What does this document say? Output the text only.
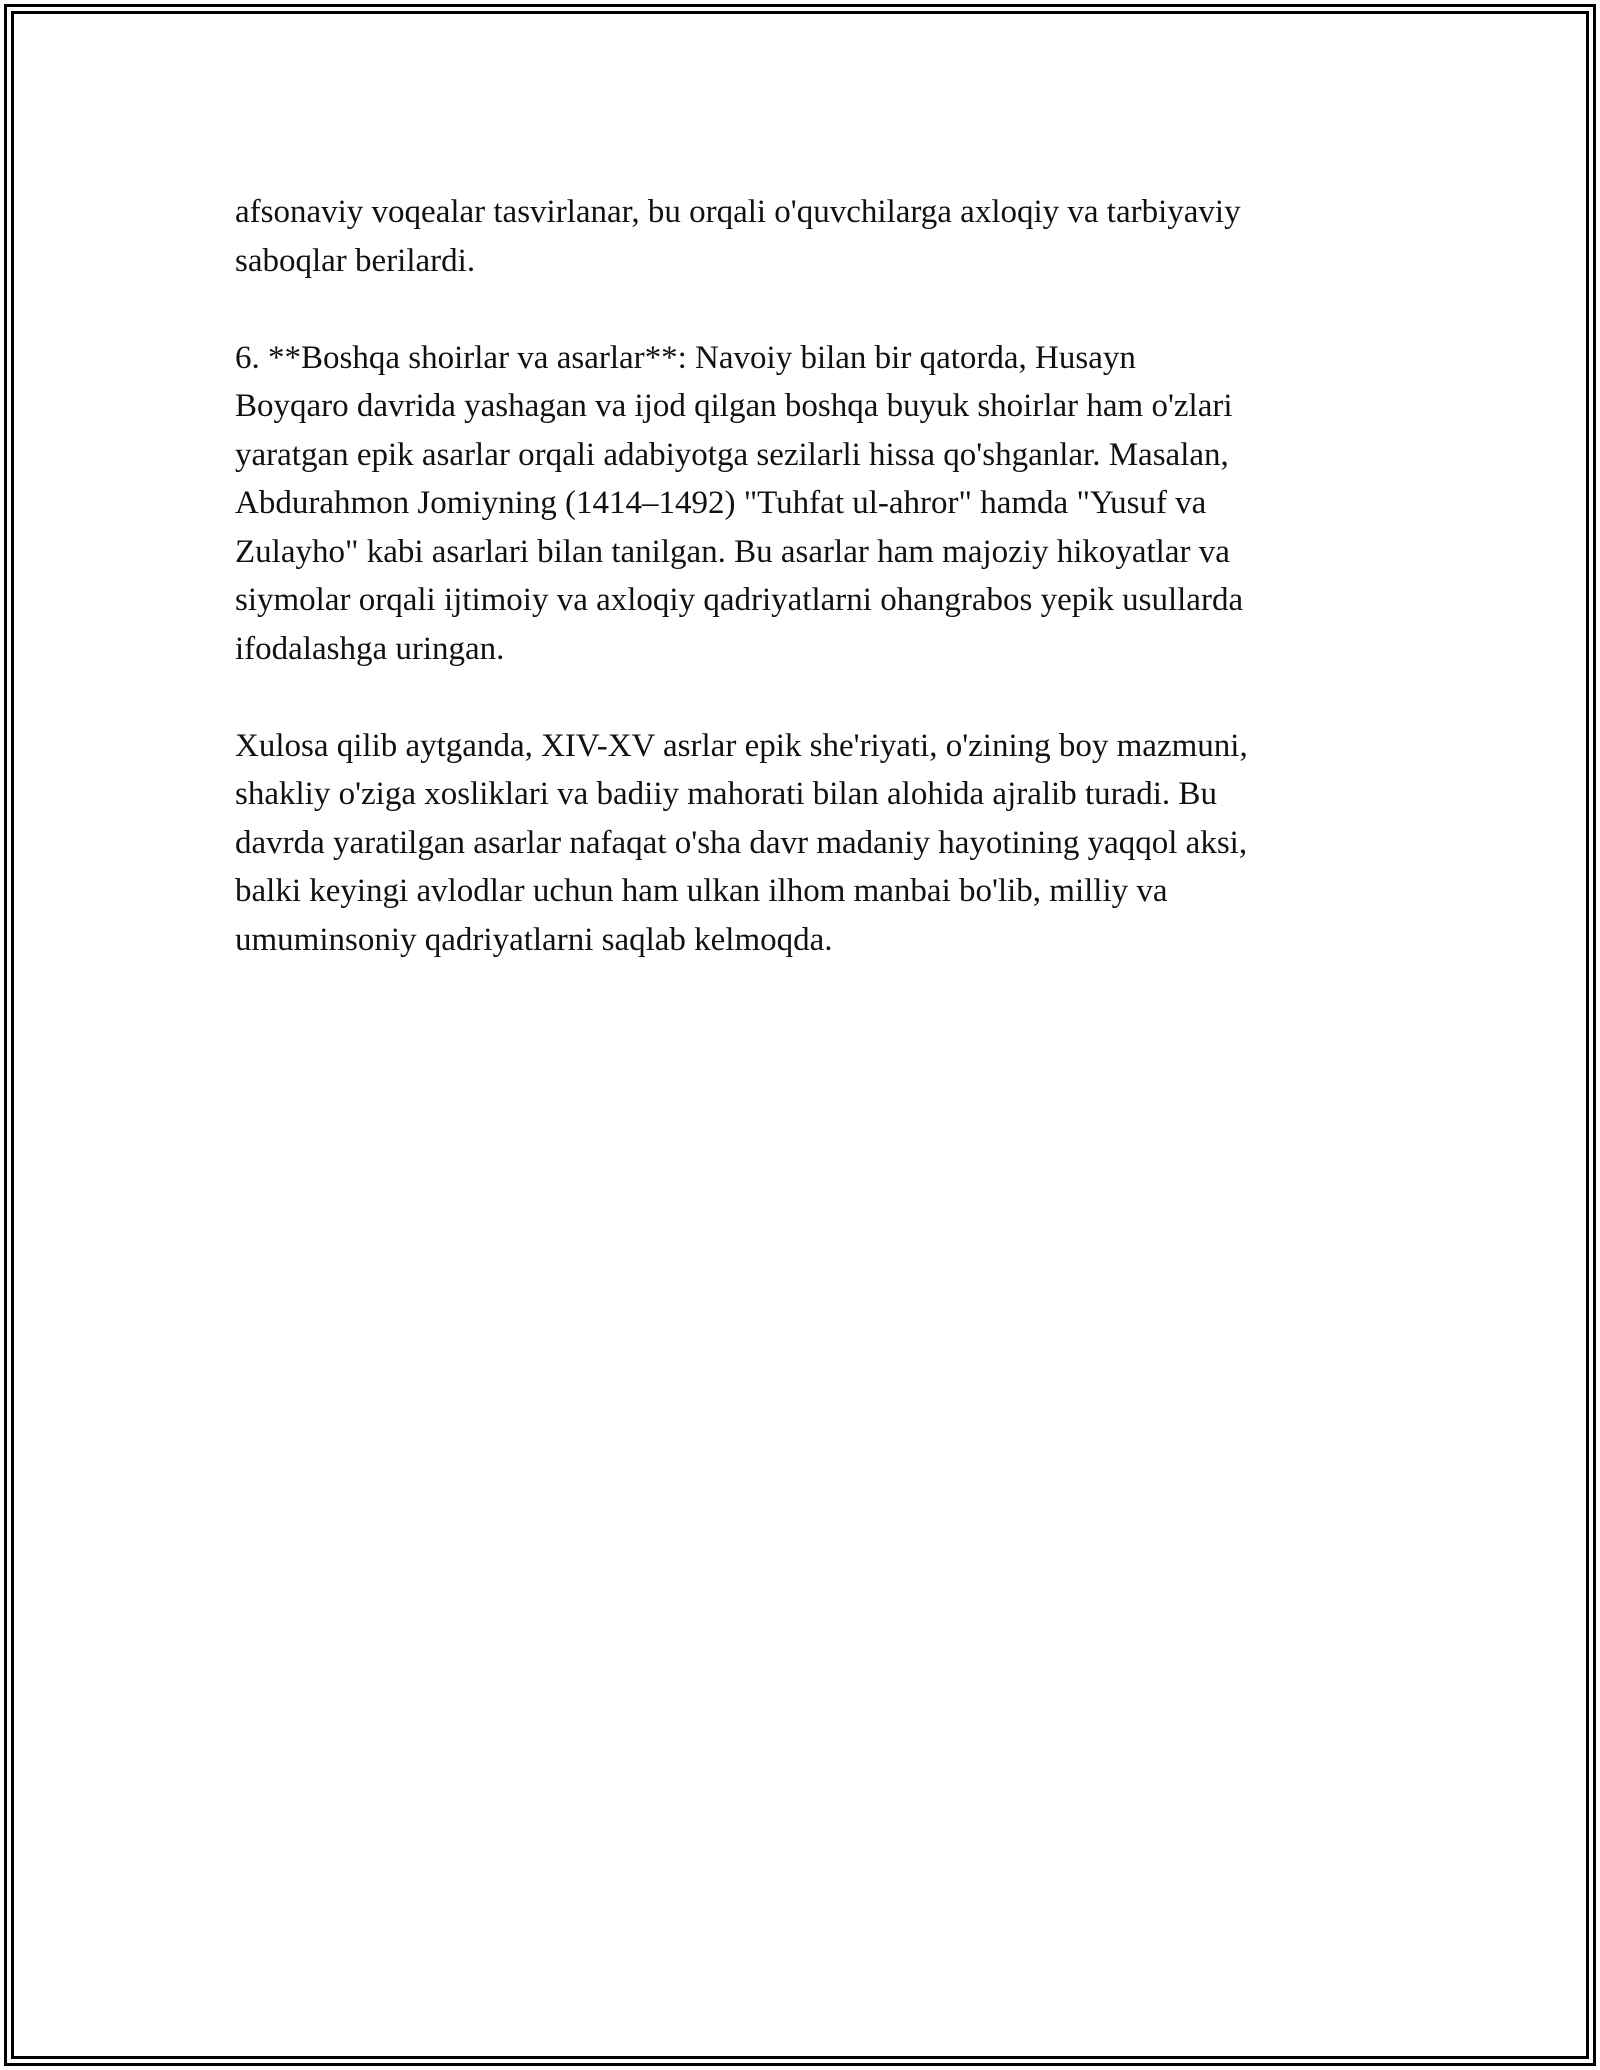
afsonaviy voqealar tasvirlanar, bu orqali o'quvchilarga axloqiy va tarbiyaviy
saboqlar berilardi.

6. **Boshqa shoirlar va asarlar**: Navoiy bilan bir qatorda, Husayn
Boyqaro davrida yashagan va ijod qilgan boshqa buyuk shoirlar ham o'zlari
yaratgan epik asarlar orqali adabiyotga sezilarli hissa qo'shganlar. Masalan,
Abdurahmon Jomiyning (1414–1492) "Tuhfat ul-ahror" hamda "Yusuf va
Zulayho" kabi asarlari bilan tanilgan. Bu asarlar ham majoziy hikoyatlar va
siymolar orqali ijtimoiy va axloqiy qadriyatlarni ohangrabos yepik usullarda
ifodalashga uringan.

Xulosa qilib aytganda, XIV-XV asrlar epik she'riyati, o'zining boy mazmuni,
shakliy o'ziga xosliklari va badiiy mahorati bilan alohida ajralib turadi. Bu
davrda yaratilgan asarlar nafaqat o'sha davr madaniy hayotining yaqqol aksi,
balki keyingi avlodlar uchun ham ulkan ilhom manbai bo'lib, milliy va
umuminsoniy qadriyatlarni saqlab kelmoqda.
